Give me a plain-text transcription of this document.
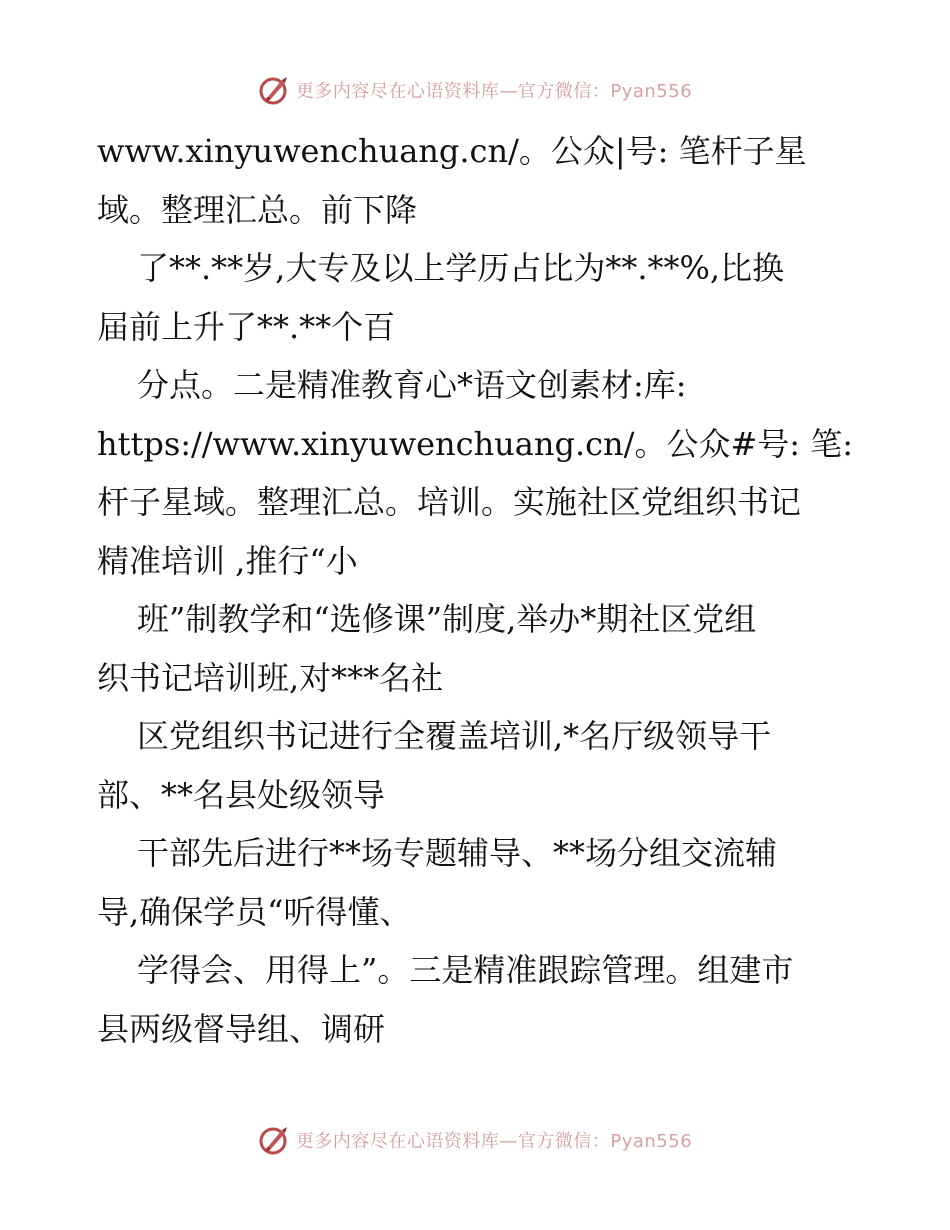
更多内容尽在心语资料库—官方微信：Pyan556
www.xinyuwenchuang.cn/。公众|号: 笔杆子星
域。整理汇总。前下降
了**.**岁,大专及以上学历占比为**.**%,比换
届前上升了**.**个百
分点。二是精准教育心*语文创素材:库:
https://www.xinyuwenchuang.cn/。公众#号: 笔:
杆子星域。整理汇总。培训。实施社区党组织书记
精准培训 ,推行“小
班”制教学和“选修课”制度,举办*期社区党组
织书记培训班,对***名社
区党组织书记进行全覆盖培训,*名厅级领导干
部、**名县处级领导
干部先后进行**场专题辅导、**场分组交流辅
导,确保学员“听得懂、
学得会、用得上”。三是精准跟踪管理。组建市
县两级督导组、调研
更多内容尽在心语资料库—官方微信：Pyan556
